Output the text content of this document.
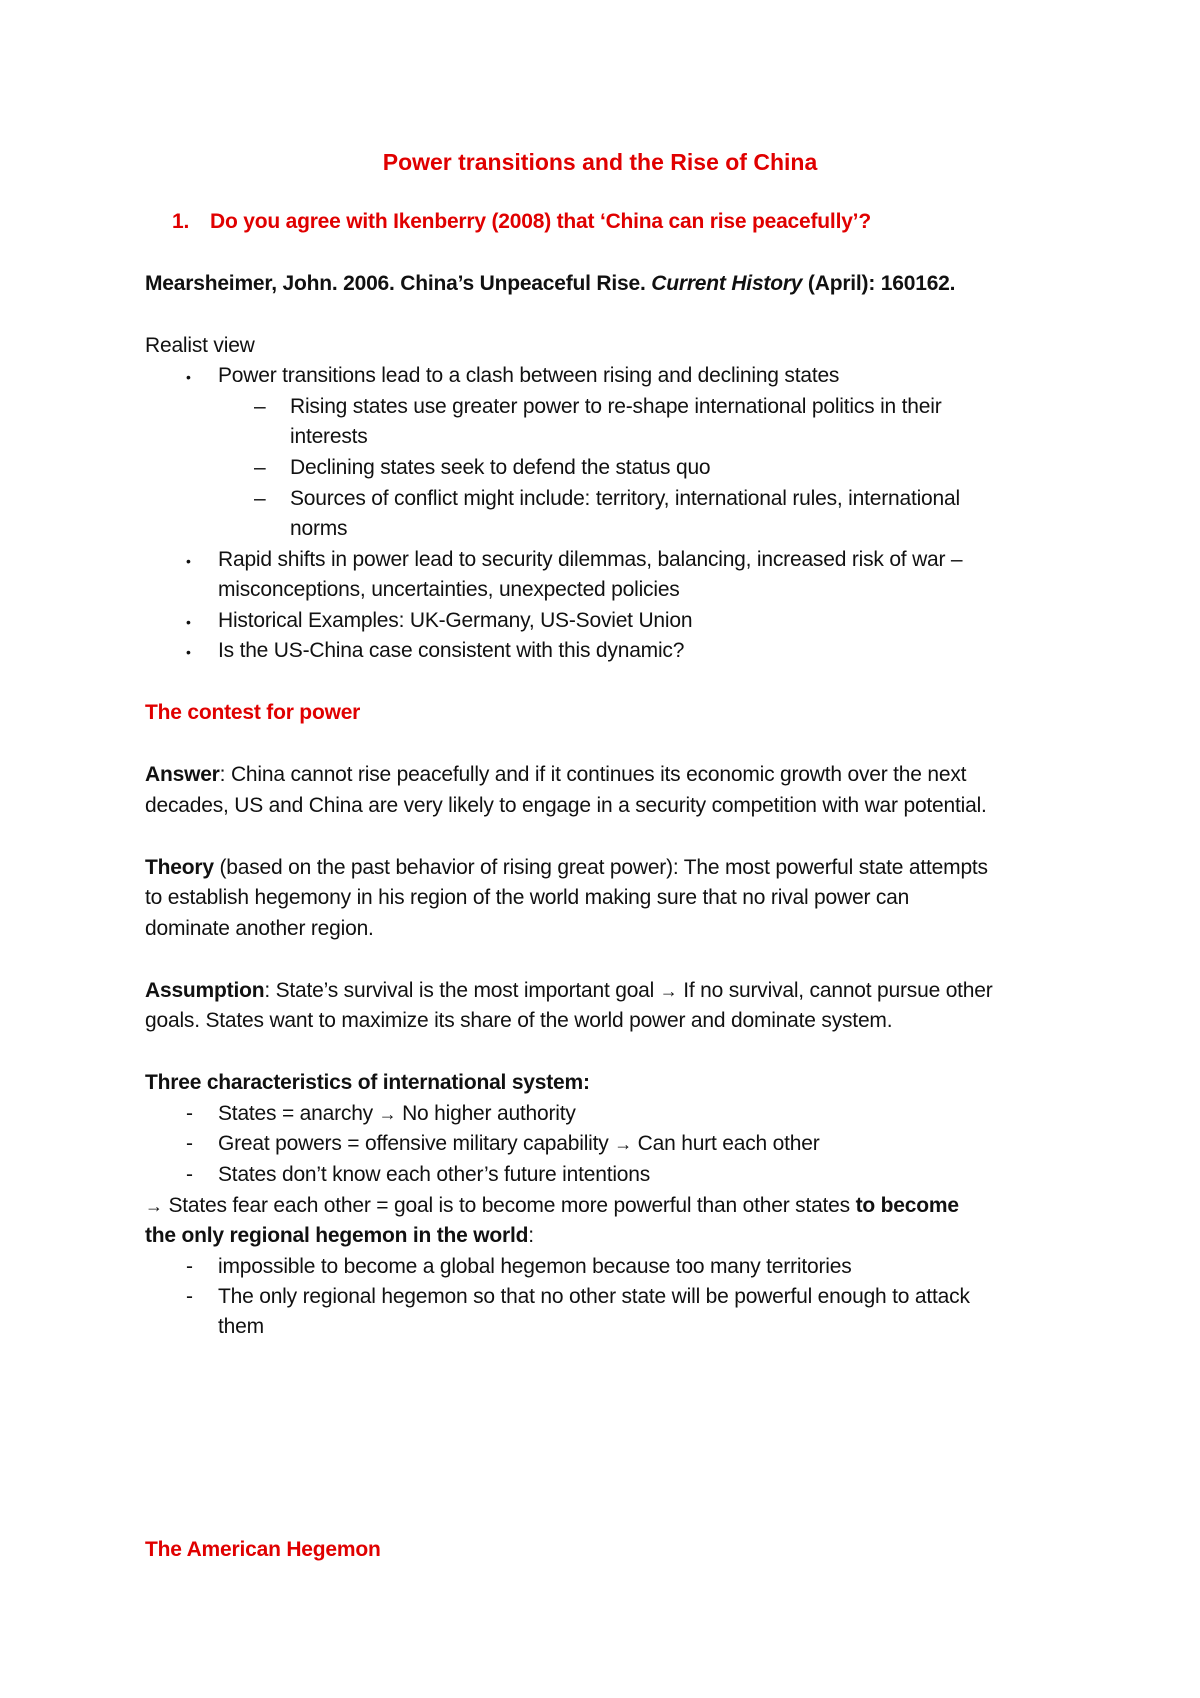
Power transitions and the Rise of China
1. Do you agree with Ikenberry (2008) that ‘China can rise peacefully’?
Mearsheimer, John. 2006. China’s Unpeaceful Rise. Current History (April): 160162.
Realist view
• Power transitions lead to a clash between rising and declining states
– Rising states use greater power to re-shape international politics in their
interests
– Declining states seek to defend the status quo
– Sources of conflict might include: territory, international rules, international
norms
• Rapid shifts in power lead to security dilemmas, balancing, increased risk of war –
misconceptions, uncertainties, unexpected policies
• Historical Examples: UK-Germany, US-Soviet Union
• Is the US-China case consistent with this dynamic?
The contest for power
Answer: China cannot rise peacefully and if it continues its economic growth over the next
decades, US and China are very likely to engage in a security competition with war potential.
Theory (based on the past behavior of rising great power): The most powerful state attempts
to establish hegemony in his region of the world making sure that no rival power can
dominate another region.
Assumption: State’s survival is the most important goal → If no survival, cannot pursue other
goals. States want to maximize its share of the world power and dominate system.
Three characteristics of international system:
- States = anarchy → No higher authority
- Great powers = offensive military capability → Can hurt each other
- States don’t know each other’s future intentions
→ States fear each other = goal is to become more powerful than other states to become
the only regional hegemon in the world:
- impossible to become a global hegemon because too many territories
- The only regional hegemon so that no other state will be powerful enough to attack
them
The American Hegemon
